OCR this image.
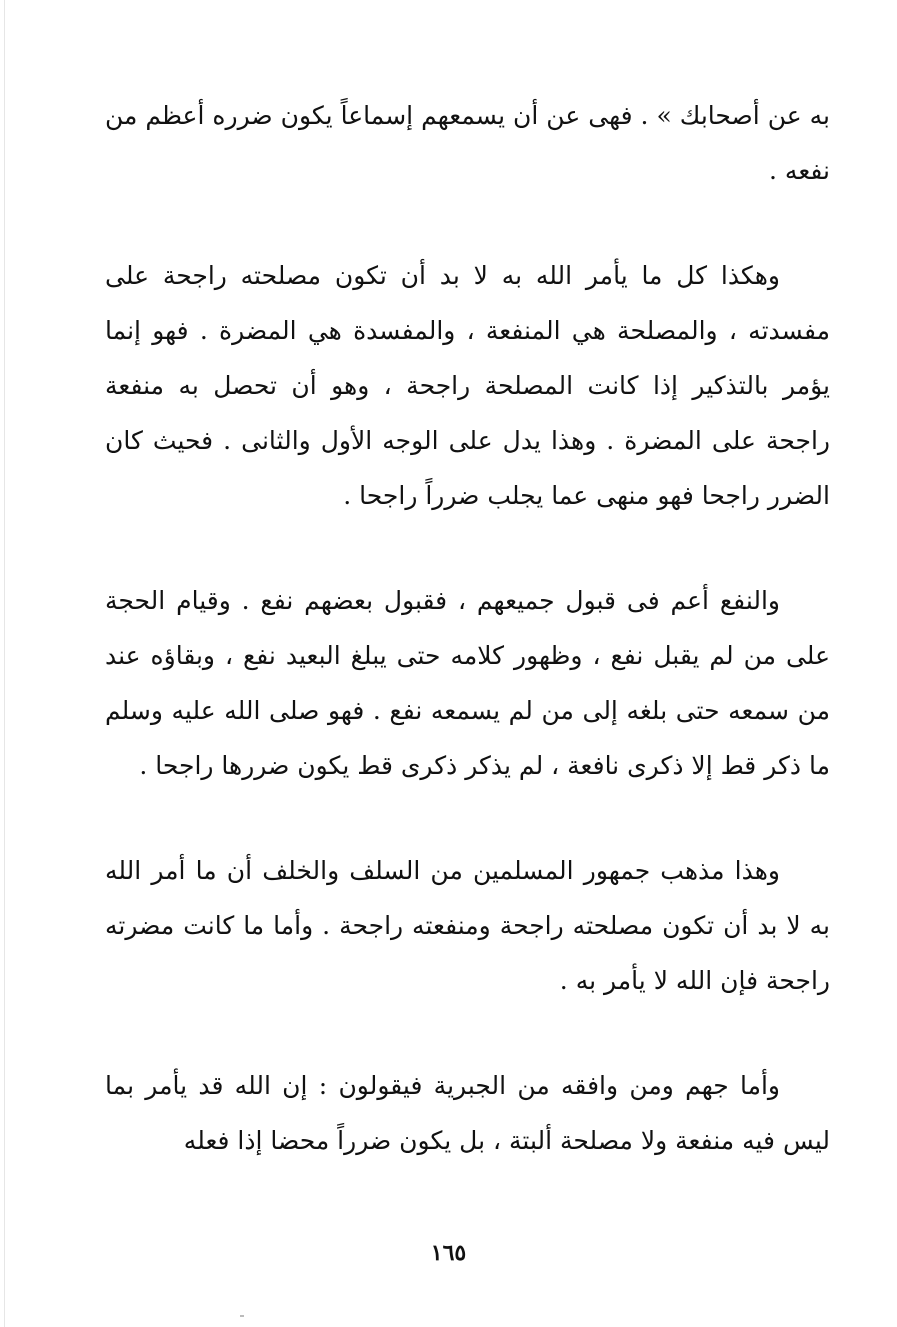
به عن أصحابك » . فهى عن أن يسمعهم إسماعاً يكون ضرره أعظم من نفعه .

وهكذا كل ما يأمر الله به لا بد أن تكون مصلحته راجحة على مفسدته ، والمصلحة هي المنفعة ، والمفسدة هي المضرة . فهو إنما يؤمر بالتذكير إذا كانت المصلحة راجحة ، وهو أن تحصل به منفعة راجحة على المضرة . وهذا يدل على الوجه الأول والثانى . فحيث كان الضرر راجحا فهو منهى عما يجلب ضرراً راجحا .

والنفع أعم فى قبول جميعهم ، فقبول بعضهم نفع . وقيام الحجة على من لم يقبل نفع ، وظهور كلامه حتى يبلغ البعيد نفع ، وبقاؤه عند من سمعه حتى بلغه إلى من لم يسمعه نفع . فهو صلى الله عليه وسلم ما ذكر قط إلا ذكرى نافعة ، لم يذكر ذكرى قط يكون ضررها راجحا .

وهذا مذهب جمهور المسلمين من السلف والخلف أن ما أمر الله به لا بد أن تكون مصلحته راجحة ومنفعته راجحة . وأما ما كانت مضرته راجحة فإن الله لا يأمر به .

وأما جهم ومن وافقه من الجبرية فيقولون : إن الله قد يأمر بما ليس فيه منفعة ولا مصلحة ألبتة ، بل يكون ضرراً محضا إذا فعله

١٦٥
